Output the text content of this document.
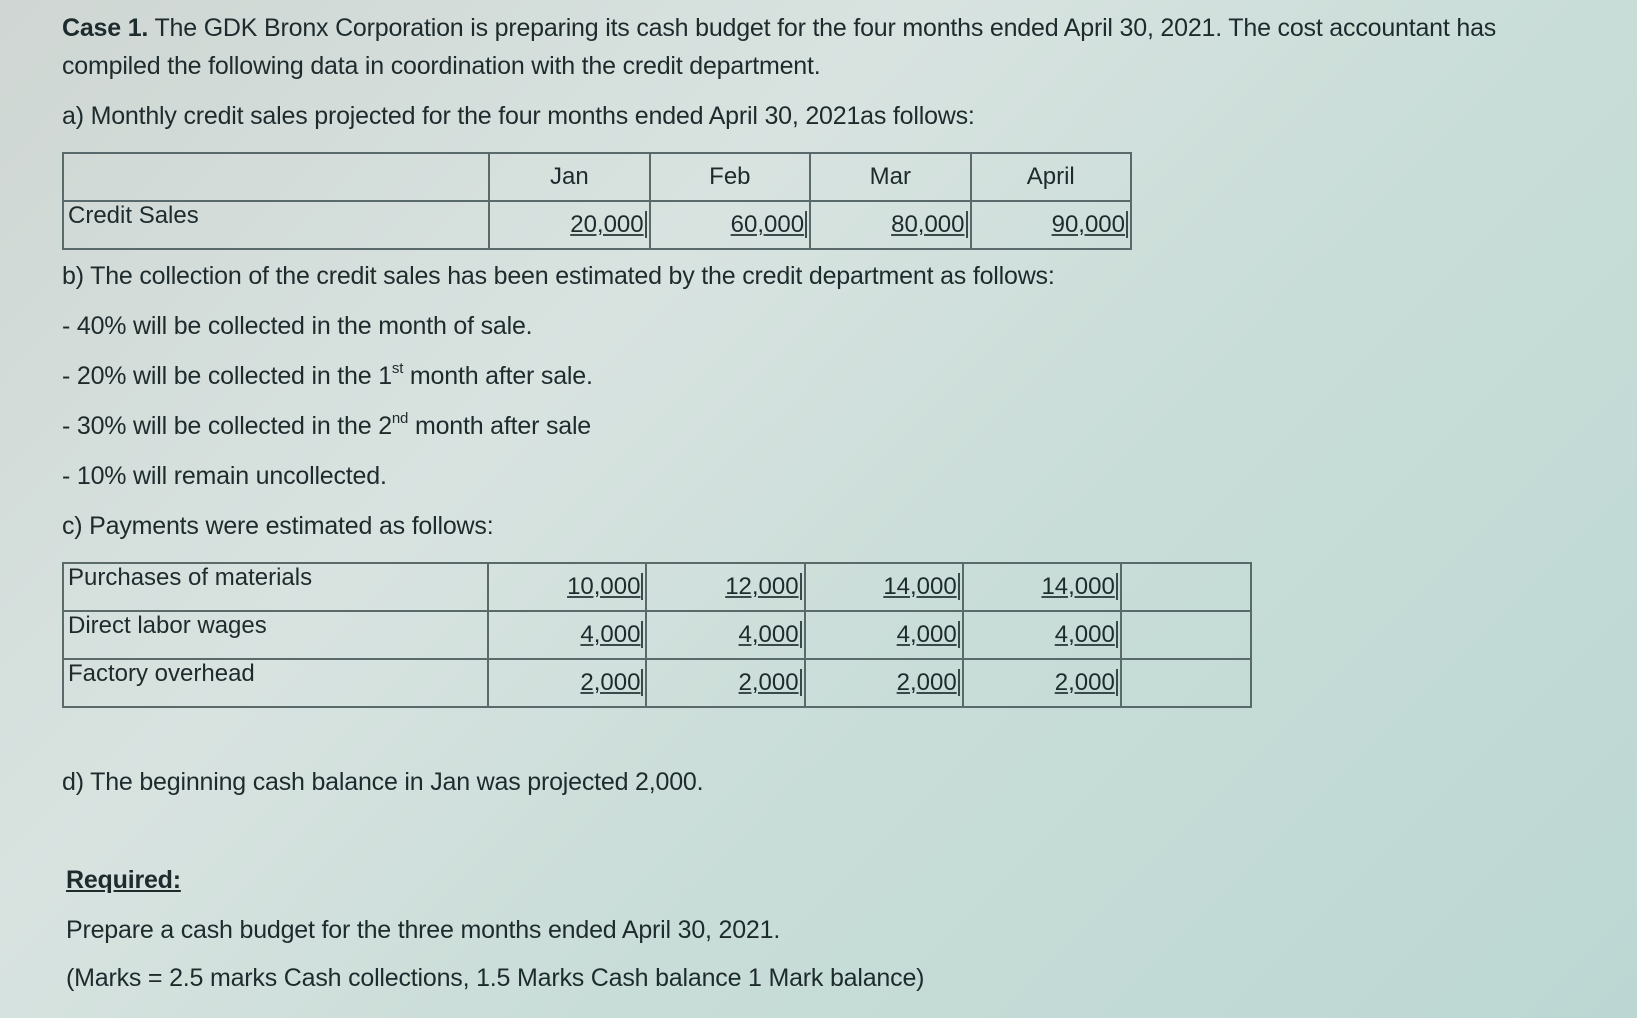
Case 1. The GDK Bronx Corporation is preparing its cash budget for the four months ended April 30, 2021. The cost accountant has
compiled the following data in coordination with the credit department.
a) Monthly credit sales projected for the four months ended April 30, 2021as follows:
	Jan	Feb	Mar	April
Credit Sales	20,000	60,000	80,000	90,000
b) The collection of the credit sales has been estimated by the credit department as follows:
- 40% will be collected in the month of sale.
- 20% will be collected in the 1st month after sale.
- 30% will be collected in the 2nd month after sale
- 10% will remain uncollected.
c) Payments were estimated as follows:
Purchases of materials	10,000	12,000	14,000	14,000	
Direct labor wages	4,000	4,000	4,000	4,000	
Factory overhead	2,000	2,000	2,000	2,000	
d) The beginning cash balance in Jan was projected 2,000.
Required:
Prepare a cash budget for the three months ended April 30, 2021.
(Marks = 2.5 marks Cash collections, 1.5 Marks Cash balance 1 Mark balance)
